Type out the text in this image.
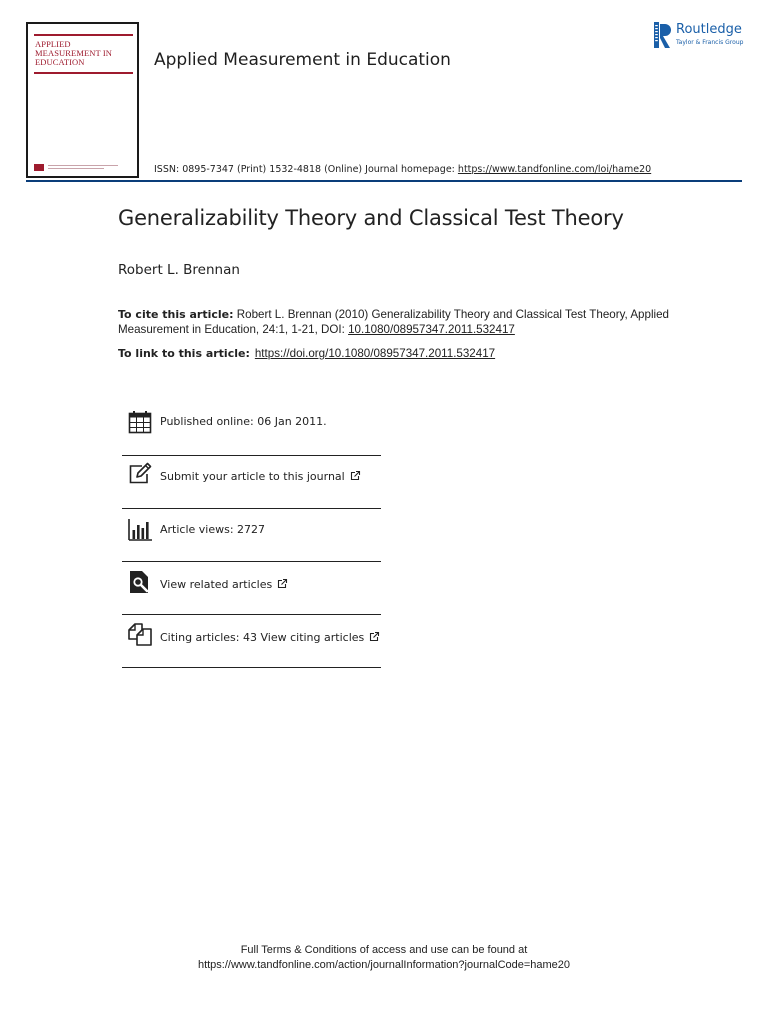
APPLIED MEASUREMENT IN EDUCATION	Applied Measurement in Education
Routledge
Taylor & Francis Group
ISSN: 0895-7347 (Print) 1532-4818 (Online) Journal homepage: https://www.tandfonline.com/loi/hame20
Generalizability Theory and Classical Test Theory
Robert L. Brennan
To cite this article: Robert L. Brennan (2010) Generalizability Theory and Classical Test Theory, Applied Measurement in Education, 24:1, 1-21, DOI: 10.1080/08957347.2011.532417
To link to this article: https://doi.org/10.1080/08957347.2011.532417
Published online: 06 Jan 2011.
Submit your article to this journal
Article views: 2727
View related articles
Citing articles: 43 View citing articles
Full Terms & Conditions of access and use can be found at
https://www.tandfonline.com/action/journalInformation?journalCode=hame20
